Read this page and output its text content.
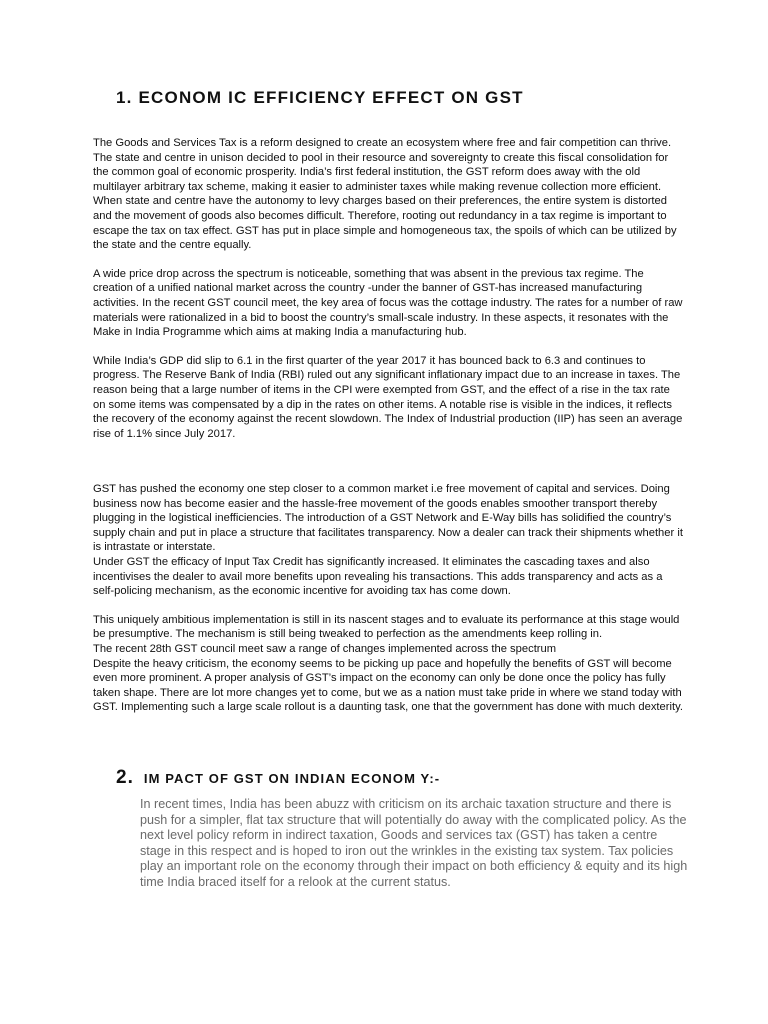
1. ECONOM IC EFFICIENCY EFFECT ON GST

The Goods and Services Tax is a reform designed to create an ecosystem where free and fair competition can thrive. The state and centre in unison decided to pool in their resource and sovereignty to create this fiscal consolidation for the common goal of economic prosperity. India’s first federal institution, the GST reform does away with the old multilayer arbitrary tax scheme, making it easier to administer taxes while making revenue collection more efficient.

When state and centre have the autonomy to levy charges based on their preferences, the entire system is distorted and the movement of goods also becomes difficult. Therefore, rooting out redundancy in a tax regime is important to escape the tax on tax effect. GST has put in place simple and homogeneous tax, the spoils of which can be utilized by the state and the centre equally.

A wide price drop across the spectrum is noticeable, something that was absent in the previous tax regime. The creation of a unified national market across the country -under the banner of GST-has increased manufacturing activities. In the recent GST council meet, the key area of focus was the cottage industry. The rates for a number of raw materials were rationalized in a bid to boost the country’s small-scale industry. In these aspects, it resonates with the Make in India Programme which aims at making India a manufacturing hub.

While India’s GDP did slip to 6.1 in the first quarter of the year 2017 it has bounced back to 6.3 and continues to progress. The Reserve Bank of India (RBI) ruled out any significant inflationary impact due to an increase in taxes. The reason being that a large number of items in the CPI were exempted from GST, and the effect of a rise in the tax rate on some items was compensated by a dip in the rates on other items. A notable rise is visible in the indices, it reflects the recovery of the economy against the recent slowdown. The Index of Industrial production (IIP) has seen an average rise of 1.1% since July 2017.

GST has pushed the economy one step closer to a common market i.e free movement of capital and services. Doing business now has become easier and the hassle-free movement of the goods enables smoother transport thereby plugging in the logistical inefficiencies. The introduction of a GST Network and E-Way bills has solidified the country’s supply chain and put in place a structure that facilitates transparency. Now a dealer can track their shipments whether it is intrastate or interstate.

Under GST the efficacy of Input Tax Credit has significantly increased. It eliminates the cascading taxes and also incentivises the dealer to avail more benefits upon revealing his transactions. This adds transparency and acts as a self-policing mechanism, as the economic incentive for avoiding tax has come down.

This uniquely ambitious implementation is still in its nascent stages and to evaluate its performance at this stage would be presumptive. The mechanism is still being tweaked to perfection as the amendments keep rolling in.

The recent 28th GST council meet saw a range of changes implemented across the spectrum

Despite the heavy criticism, the economy seems to be picking up pace and hopefully the benefits of GST will become even more prominent. A proper analysis of GST’s impact on the economy can only be done once the policy has fully taken shape. There are lot more changes yet to come, but we as a nation must take pride in where we stand today with GST. Implementing such a large scale rollout is a daunting task, one that the government has done with much dexterity.

2. IM PACT OF GST ON INDIAN ECONOM Y:-

In recent times, India has been abuzz with criticism on its archaic taxation structure and there is push for a simpler, flat tax structure that will potentially do away with the complicated policy. As the next level policy reform in indirect taxation, Goods and services tax (GST) has taken a centre stage in this respect and is hoped to iron out the wrinkles in the existing tax system. Tax policies play an important role on the economy through their impact on both efficiency & equity and its high time India braced itself for a relook at the current status.
